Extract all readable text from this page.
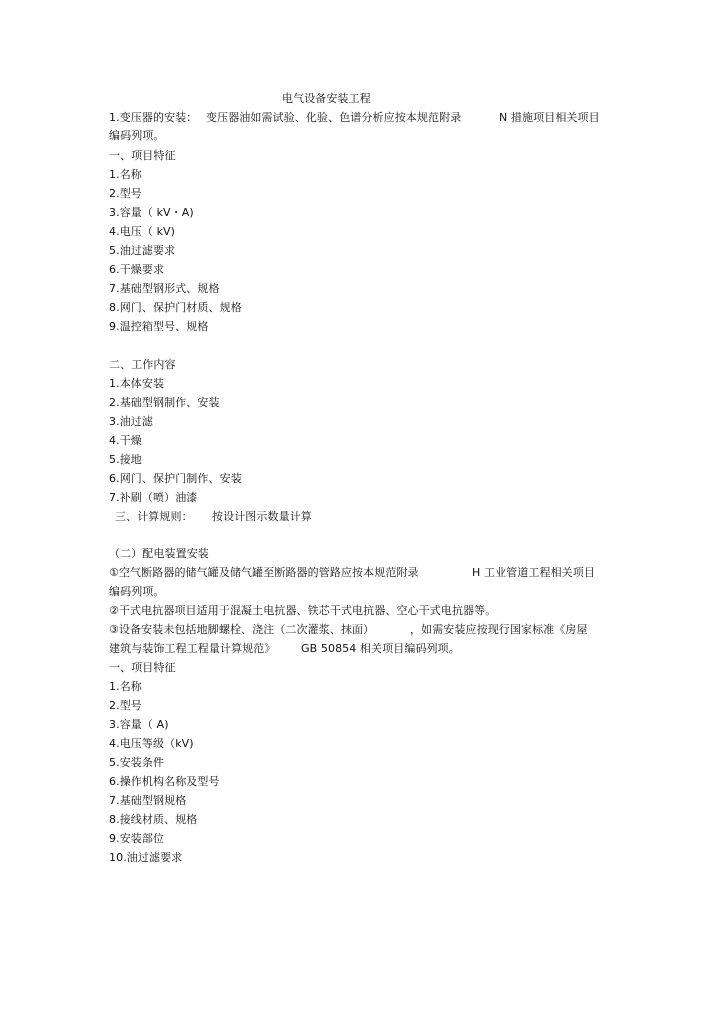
电气设备安装工程
1.变压器的安装： 变压器油如需试验、化验、色谱分析应按本规范附录	N 措施项目相关项目
编码列项。
一、项目特征
1.名称
2.型号
3.容量（ kV・A)
4.电压（ kV)
5.油过滤要求
6.干燥要求
7.基础型钢形式、规格
8.网门、保护门材质、规格
9.温控箱型号、规格
二、工作内容
1.本体安装
2.基础型钢制作、安装
3.油过滤
4.干燥
5.接地
6.网门、保护门制作、安装
7.补刷（喷）油漆
三、计算规则： 按设计图示数量计算
（二）配电装置安装
①空气断路器的储气罐及储气罐至断路器的管路应按本规范附录	H 工业管道工程相关项目
编码列项。
②干式电抗器项目适用于混凝土电抗器、铁芯干式电抗器、空心干式电抗器等。
③设备安装未包括地脚螺栓、浇注（二次灌浆、抹面）	，如需安装应按现行国家标准《房屋
建筑与装饰工程工程量计算规范》 GB 50854 相关项目编码列项。
一、项目特征
1.名称
2.型号
3.容量（ A)
4.电压等级（kV)
5.安装条件
6.操作机构名称及型号
7.基础型钢规格
8.接线材质、规格
9.安装部位
10.油过滤要求
